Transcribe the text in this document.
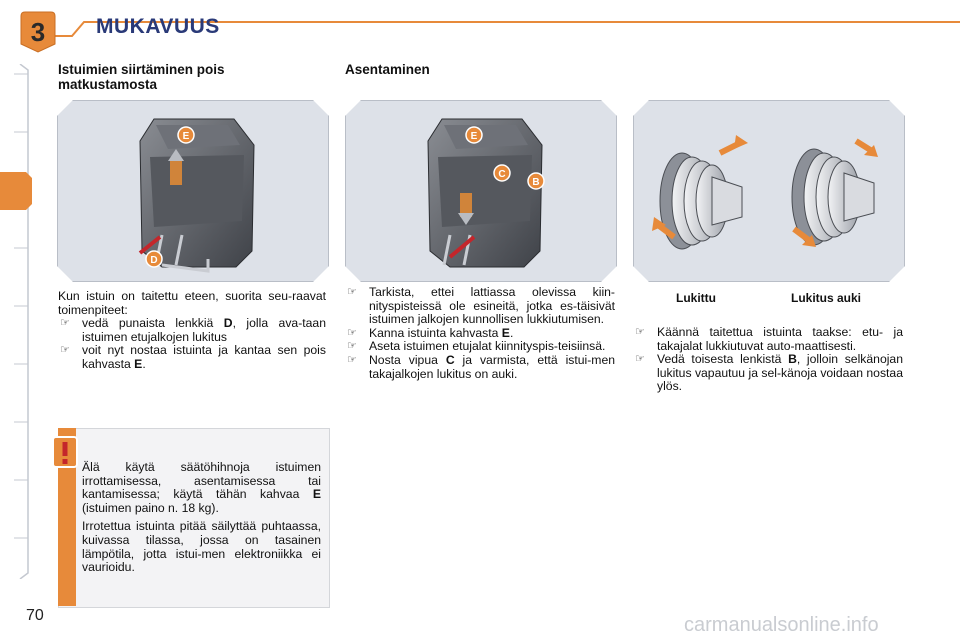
3 MUKAVUUS
70
Istuimien siirtäminen pois
matkustamosta
E
D

Kun istuin on taitettu eteen, suorita seu-raavat toimenpiteet:

☞ vedä punaista lenkkiä D, jolla ava-taan istuimen etujalkojen lukitus

☞ voit nyt nostaa istuinta ja kantaa sen pois kahvasta E.

Asentaminen
E
C
B

☞ Tarkista, ettei lattiassa olevissa kiin-nityspisteissä ole esineitä, jotka es-täisivät istuimen jalkojen kunnollisen lukkiutumisen.

☞ Kanna istuinta kahvasta E.

☞ Aseta istuimen etujalat kiinnityspis-teisiinsä.

☞ Nosta vipua C ja varmista, että istui-men takajalkojen lukitus on auki.

Lukittu	Lukitus auki

☞ Käännä taitettua istuinta taakse: etu- ja takajalat lukkiutuvat auto-maattisesti.

☞ Vedä toisesta lenkistä B, jolloin selkänojan lukitus vapautuu ja sel-känoja voidaan nostaa ylös.

Älä käytä säätöhihnoja istuimen irrottamisessa, asentamisessa tai kantamisessa; käytä tähän kahvaa E (istuimen paino n. 18 kg).

Irrotettua istuinta pitää säilyttää puhtaassa, kuivassa tilassa, jossa on tasainen lämpötila, jotta istui-men elektroniikka ei vaurioidu.

carmanualsonline.info
